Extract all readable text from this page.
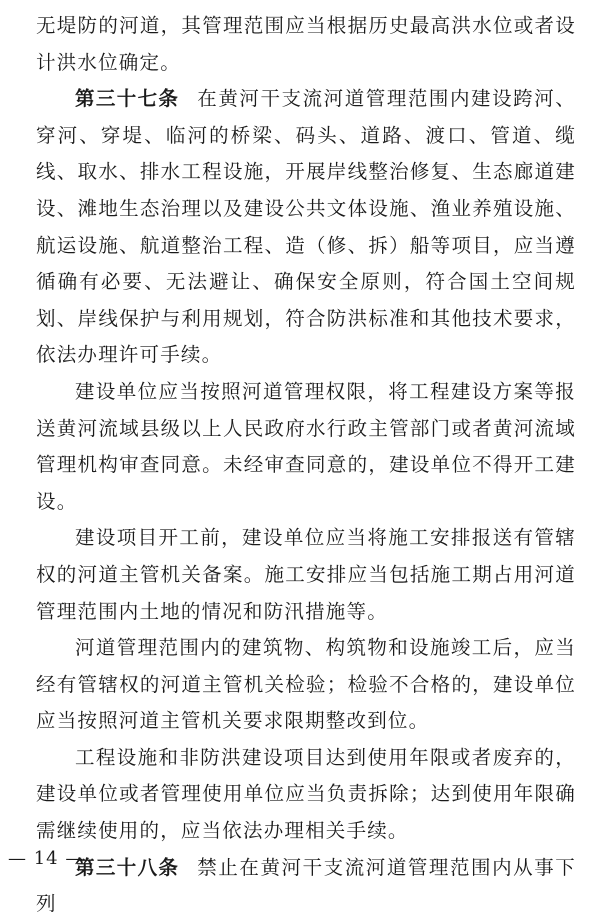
无堤防的河道，其管理范围应当根据历史最高洪水位或者设计洪水位确定。

第三十七条 在黄河干支流河道管理范围内建设跨河、穿河、穿堤、临河的桥梁、码头、道路、渡口、管道、缆线、取水、排水工程设施，开展岸线整治修复、生态廊道建设、滩地生态治理以及建设公共文体设施、渔业养殖设施、航运设施、航道整治工程、造（修、拆）船等项目，应当遵循确有必要、无法避让、确保安全原则，符合国土空间规划、岸线保护与利用规划，符合防洪标准和其他技术要求，依法办理许可手续。

建设单位应当按照河道管理权限，将工程建设方案等报送黄河流域县级以上人民政府水行政主管部门或者黄河流域管理机构审查同意。未经审查同意的，建设单位不得开工建设。

建设项目开工前，建设单位应当将施工安排报送有管辖权的河道主管机关备案。施工安排应当包括施工期占用河道管理范围内土地的情况和防汛措施等。

河道管理范围内的建筑物、构筑物和设施竣工后，应当经有管辖权的河道主管机关检验；检验不合格的，建设单位应当按照河道主管机关要求限期整改到位。

工程设施和非防洪建设项目达到使用年限或者废弃的，建设单位或者管理使用单位应当负责拆除；达到使用年限确需继续使用的，应当依法办理相关手续。

第三十八条 禁止在黄河干支流河道管理范围内从事下列

— 14 —
